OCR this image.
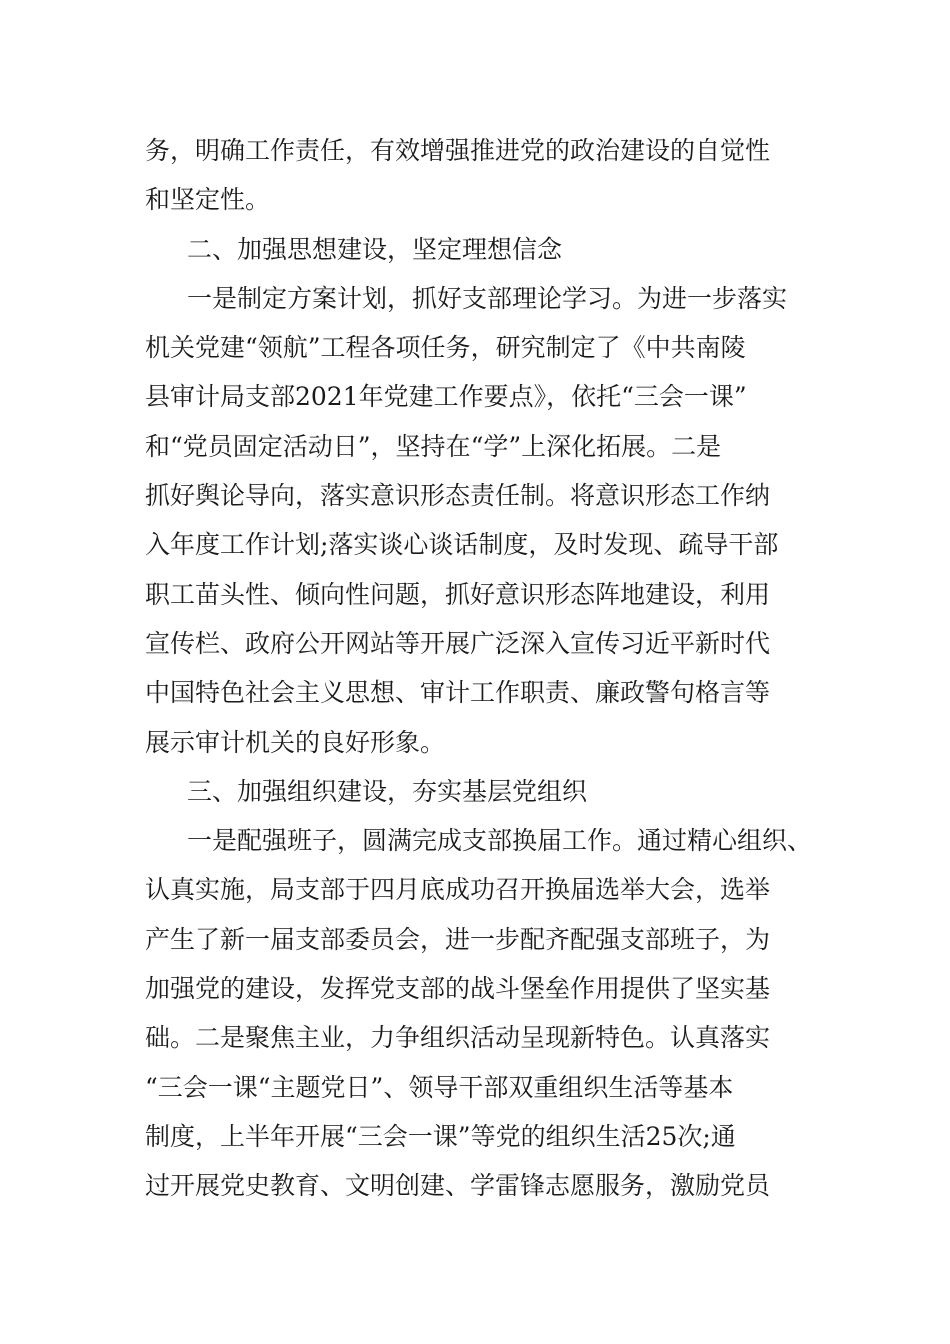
务，明确工作责任，有效增强推进党的政治建设的自觉性
和坚定性。
二、加强思想建设，坚定理想信念
一是制定方案计划，抓好支部理论学习。为进一步落实
机关党建“领航”工程各项任务，研究制定了《中共南陵
县审计局支部2021年党建工作要点》，依托“三会一课”
和“党员固定活动日”，坚持在“学”上深化拓展。二是
抓好舆论导向，落实意识形态责任制。将意识形态工作纳
入年度工作计划;落实谈心谈话制度，及时发现、疏导干部
职工苗头性、倾向性问题，抓好意识形态阵地建设，利用
宣传栏、政府公开网站等开展广泛深入宣传习近平新时代
中国特色社会主义思想、审计工作职责、廉政警句格言等
展示审计机关的良好形象。
三、加强组织建设，夯实基层党组织
一是配强班子，圆满完成支部换届工作。通过精心组织、
认真实施，局支部于四月底成功召开换届选举大会，选举
产生了新一届支部委员会，进一步配齐配强支部班子，为
加强党的建设，发挥党支部的战斗堡垒作用提供了坚实基
础。二是聚焦主业，力争组织活动呈现新特色。认真落实
“三会一课“主题党日”、领导干部双重组织生活等基本
制度，上半年开展“三会一课”等党的组织生活25次;通
过开展党史教育、文明创建、学雷锋志愿服务，激励党员
